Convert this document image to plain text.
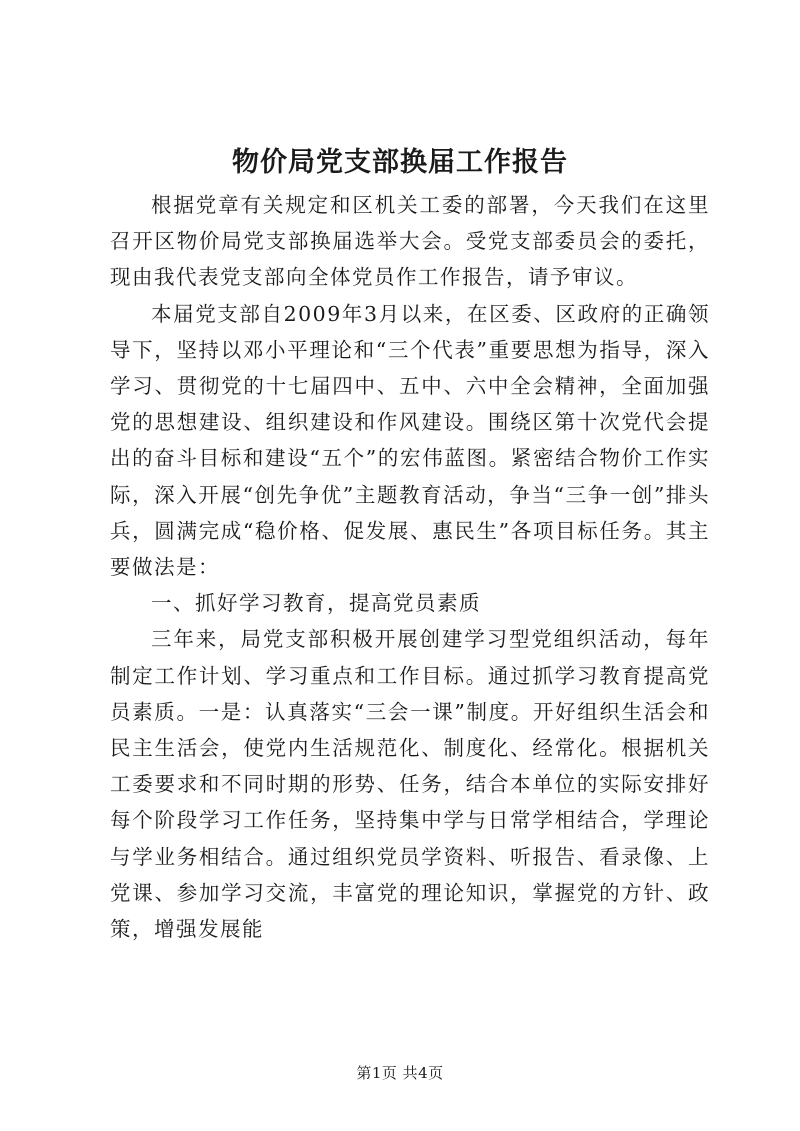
物价局党支部换届工作报告

根据党章有关规定和区机关工委的部署，今天我们在这里召开区物价局党支部换届选举大会。受党支部委员会的委托，现由我代表党支部向全体党员作工作报告，请予审议。

本届党支部自2009年3月以来，在区委、区政府的正确领导下，坚持以邓小平理论和“三个代表”重要思想为指导，深入学习、贯彻党的十七届四中、五中、六中全会精神，全面加强党的思想建设、组织建设和作风建设。围绕区第十次党代会提出的奋斗目标和建设“五个”的宏伟蓝图。紧密结合物价工作实际，深入开展“创先争优”主题教育活动，争当“三争一创”排头兵，圆满完成“稳价格、促发展、惠民生”各项目标任务。其主要做法是：

一、抓好学习教育，提高党员素质

三年来，局党支部积极开展创建学习型党组织活动，每年制定工作计划、学习重点和工作目标。通过抓学习教育提高党员素质。一是：认真落实“三会一课”制度。开好组织生活会和民主生活会，使党内生活规范化、制度化、经常化。根据机关工委要求和不同时期的形势、任务，结合本单位的实际安排好每个阶段学习工作任务，坚持集中学与日常学相结合，学理论与学业务相结合。通过组织党员学资料、听报告、看录像、上党课、参加学习交流，丰富党的理论知识，掌握党的方针、政策，增强发展能

第1页 共4页
